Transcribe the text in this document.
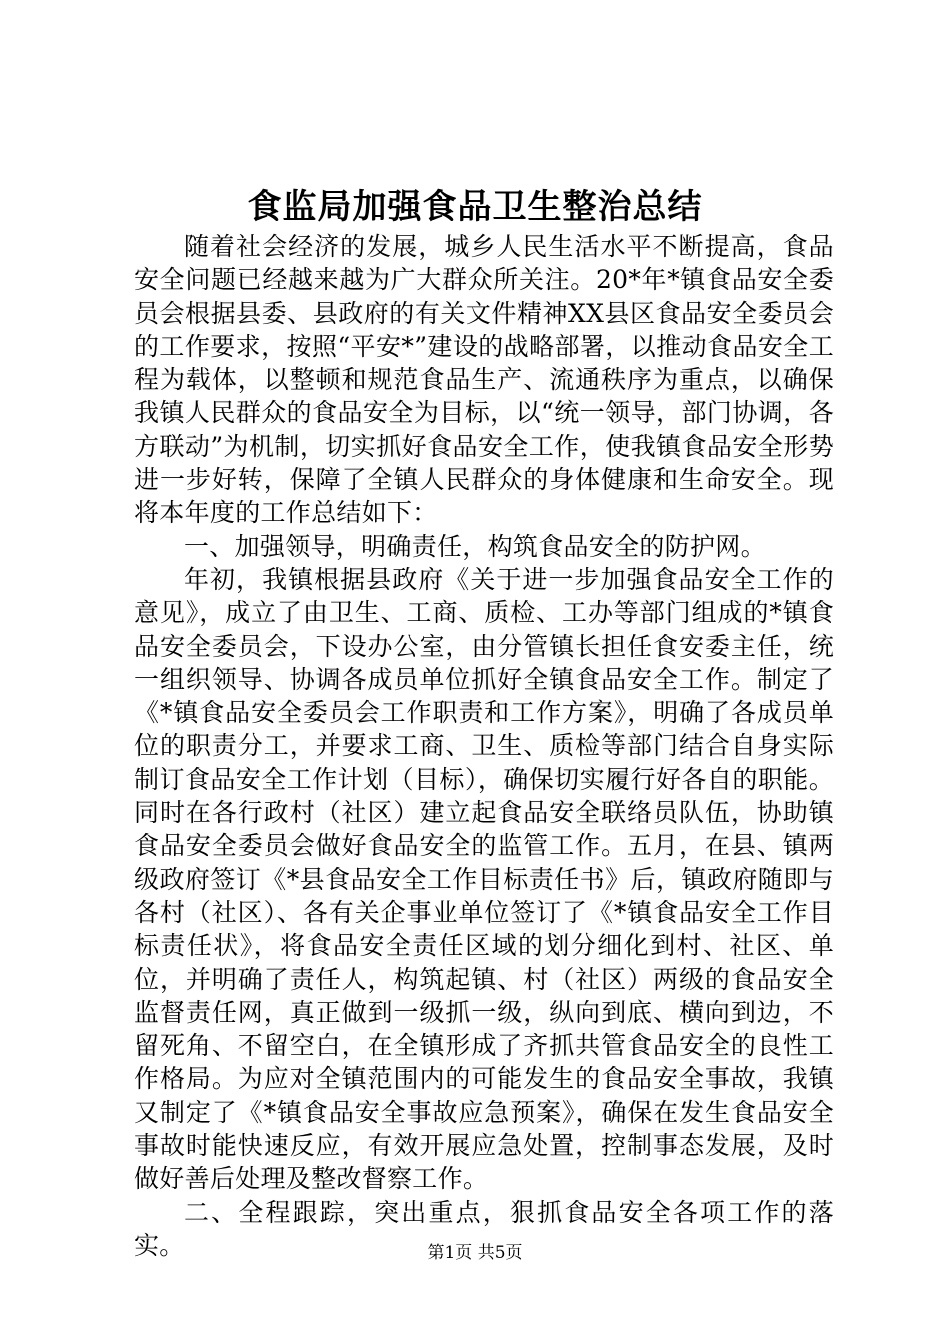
食监局加强食品卫生整治总结

随着社会经济的发展，城乡人民生活水平不断提高，食品安全问题已经越来越为广大群众所关注。20*年*镇食品安全委员会根据县委、县政府的有关文件精神XX县区食品安全委员会的工作要求，按照“平安*”建设的战略部署，以推动食品安全工程为载体，以整顿和规范食品生产、流通秩序为重点，以确保我镇人民群众的食品安全为目标，以“统一领导，部门协调，各方联动”为机制，切实抓好食品安全工作，使我镇食品安全形势进一步好转，保障了全镇人民群众的身体健康和生命安全。现将本年度的工作总结如下：

一、加强领导，明确责任，构筑食品安全的防护网。

年初，我镇根据县政府《关于进一步加强食品安全工作的意见》，成立了由卫生、工商、质检、工办等部门组成的*镇食品安全委员会，下设办公室，由分管镇长担任食安委主任，统一组织领导、协调各成员单位抓好全镇食品安全工作。制定了《*镇食品安全委员会工作职责和工作方案》，明确了各成员单位的职责分工，并要求工商、卫生、质检等部门结合自身实际制订食品安全工作计划（目标），确保切实履行好各自的职能。同时在各行政村（社区）建立起食品安全联络员队伍，协助镇食品安全委员会做好食品安全的监管工作。五月，在县、镇两级政府签订《*县食品安全工作目标责任书》后，镇政府随即与各村（社区）、各有关企事业单位签订了《*镇食品安全工作目标责任状》，将食品安全责任区域的划分细化到村、社区、单位，并明确了责任人，构筑起镇、村（社区）两级的食品安全监督责任网，真正做到一级抓一级，纵向到底、横向到边，不留死角、不留空白，在全镇形成了齐抓共管食品安全的良性工作格局。为应对全镇范围内的可能发生的食品安全事故，我镇又制定了《*镇食品安全事故应急预案》，确保在发生食品安全事故时能快速反应，有效开展应急处置，控制事态发展，及时做好善后处理及整改督察工作。

二、全程跟踪，突出重点，狠抓食品安全各项工作的落实。	第1页 共5页
